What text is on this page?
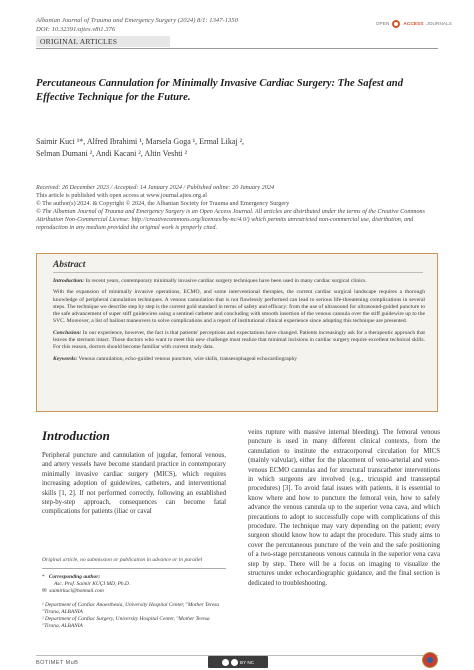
Albanian Journal of Trauma and Emergency Surgery (2024) 8/1: 1347-1350
DOI: 10.32391/ajtes.v8i1.376
OPEN	ACCESS JOURNALS
ORIGINAL ARTICLES
Percutaneous Cannulation for Minimally Invasive Cardiac Surgery: The Safest and Effective Technique for the Future.
Saimir Kuci ¹*, Alfred Ibrahimi ¹, Marsela Goga ¹, Ermal Likaj ²,
Selman Dumani ², Andi Kacani ², Altin Veshti ²
Received: 26 December 2023 / Accepted: 14 January 2024 / Published online: 20 January 2024
This article is published with open access at www.journal.ajtes.org.al
© The author(s) 2024. & Copyright © 2024, the Albanian Society for Trauma and Emergency Surgery
© The Albanian Journal of Trauma and Emergency Surgery is an Open Access Journal. All articles are distributed under the terms of the Creative Commons Attribution Non-Commercial License: http://creativecommons.org/licenses/by-nc/4.0/) which permits unrestricted non-commercial use, distribution, and reproduction in any medium provided the original work is properly cited.
Abstract

Introduction: In recent years, contemporary minimally invasive cardiac surgery techniques have been used in many cardiac surgical clinics.

With the expansion of minimally invasive operations, ECMO, and some interventional therapies, the current cardiac surgical landscape requires a thorough knowledge of peripheral cannulation techniques. A venous cannulation that is not flawlessly performed can lead to serious life-threatening complications in several steps. The technique we describe step by step is the current gold standard in terms of safety and efficacy: from the use of ultrasound for ultrasound-guided puncture to the safe advancement of super stiff guidewires using a sentinel catheter and concluding with smooth insertion of the venous cannula over the stiff guidewire up to the SVC. Moreover, a list of bailout maneuvers to solve complications and a report of institutional clinical experience since adopting this technique are presented.

Conclusion: In our experience, however, the fact is that patients' perceptions and expectations have changed. Patients increasingly ask for a therapeutic approach that leaves the sternum intact. Those doctors who want to meet this new challenge must realize that minimal incisions in cardiac surgery require excellent technical skills. For this reason, doctors should become familiar with current study data.

Keywords: Venous cannulation, echo-guided venous puncture, wire skills, transesophageal echocardiography

Introduction
Peripheral puncture and cannulation of jugular, femoral venous, and artery vessels have become standard practice in contemporary minimally invasive cardiac surgery (MICS), which requires increasing adoption of guidewires, catheters, and interventional skills [1, 2]. If not performed correctly, following an established step-by-step approach, consequences can become fatal complications for patients (iliac or caval
veins rupture with massive internal bleeding). The femoral venous puncture is used in many different clinical contexts, from the cannulation to institute the extracorporeal circulation for MICS (mainly valvular), either for the placement of veno-arterial and veno-venous ECMO cannulas and for structural transcatheter interventions in which surgeons are involved (e.g., tricuspid and transseptal procedures) [3]. To avoid fatal issues with patients, it is essential to know where and how to puncture the femoral vein, how to safely advance the venous cannula up to the superior vena cava, and which precautions to adopt to successfully cope with complications of this procedure. The technique may vary depending on the patient; every surgeon should know how to adapt the procedure. This study aims to cover the percutaneous puncture of the vein and the safe positioning of a two-stage percutaneous venous cannula in the superior vena cava step by step. There will be a focus on imaging to visualize the structures under echocardiographic guidance, and the final section is dedicated to troubleshooting.
Original article, no submission or publication in advance or in parallel
* Corresponding author:
Asc. Prof. Saimir KUÇI MD, Ph.D.
✉ saimirkuci@hotmail.com
¹ Department of Cardiac Anaesthesia, University Hospital Center, "Mother Teresa "Tirana, ALBANIA
² Department of Cardiac Surgery, University Hospital Center, "Mother Teresa "Tirana, ALBANIA
BOTIMET MuB	BY NC
